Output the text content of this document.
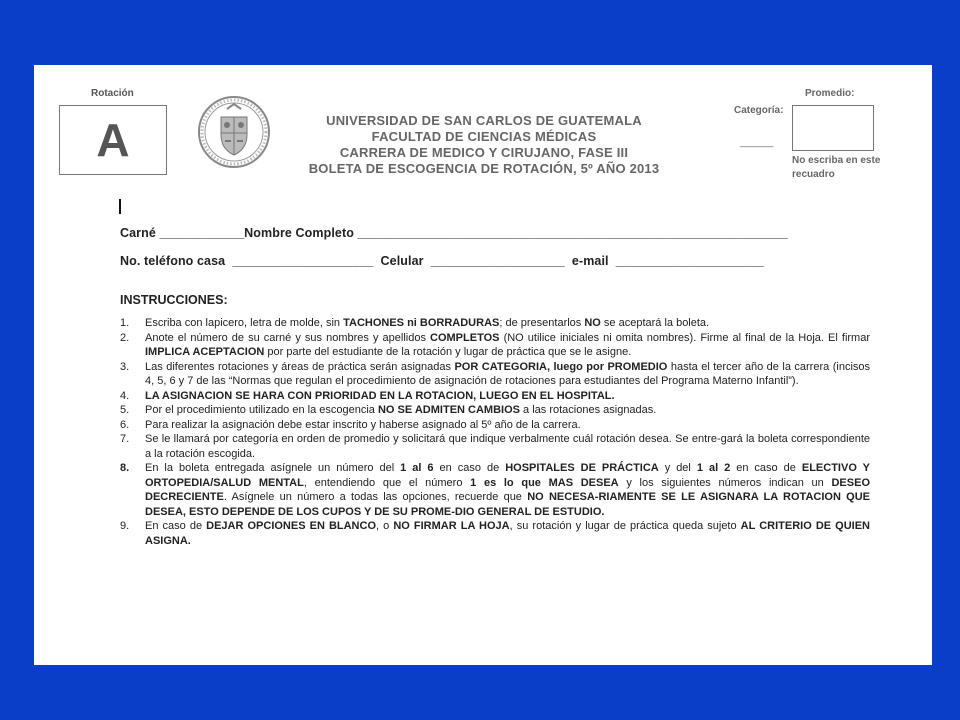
Rotación
A	UNIVERSIDAD DE SAN CARLOS DE GUATEMALA
FACULTAD DE CIENCIAS MÉDICAS
CARRERA DE MEDICO Y CIRUJANO, FASE III
BOLETA DE ESCOGENCIA DE ROTACIÓN, 5º AÑO 2013
Categoría:
______
Promedio:
No escriba en este recuadro
Carné ____________Nombre Completo _____________________________________________________________
No. teléfono casa  ____________________  Celular  ___________________  e-mail  _____________________
INSTRUCCIONES:
1. Escriba con lapicero, letra de molde, sin TACHONES ni BORRADURAS; de presentarlos NO se aceptará la boleta.
2. Anote el número de su carné y sus nombres y apellidos COMPLETOS (NO utilice iniciales ni omita nombres). Firme al final de la Hoja. El firmar IMPLICA ACEPTACION por parte del estudiante de la rotación y lugar de práctica que se le asigne.
3. Las diferentes rotaciones y áreas de práctica serán asignadas POR CATEGORIA, luego por PROMEDIO hasta el tercer año de la carrera (incisos 4, 5, 6 y 7 de las “Normas que regulan el procedimiento de asignación de rotaciones para estudiantes del Programa Materno Infantil”).
4. LA ASIGNACION SE HARA CON PRIORIDAD EN LA ROTACION, LUEGO EN EL HOSPITAL.
5. Por el procedimiento utilizado en la escogencia NO SE ADMITEN CAMBIOS a las rotaciones asignadas.
6. Para realizar la asignación debe estar inscrito y haberse asignado al 5º año de la carrera.
7. Se le llamará por categoría en orden de promedio y solicitará que indique verbalmente cuál rotación desea. Se entre-gará la boleta correspondiente a la rotación escogida.
8. En la boleta entregada asígnele un número del 1 al 6 en caso de HOSPITALES DE PRÁCTICA y del 1 al 2 en caso de ELECTIVO Y ORTOPEDIA/SALUD MENTAL, entendiendo que el número 1 es lo que MAS DESEA y los siguientes números indican un DESEO DECRECIENTE. Asígnele un número a todas las opciones, recuerde que NO NECESA-RIAMENTE SE LE ASIGNARA LA ROTACION QUE DESEA, ESTO DEPENDE DE LOS CUPOS Y DE SU PROME-DIO GENERAL DE ESTUDIO.
9. En caso de DEJAR OPCIONES EN BLANCO, o NO FIRMAR LA HOJA, su rotación y lugar de práctica queda sujeto AL CRITERIO DE QUIEN ASIGNA.
